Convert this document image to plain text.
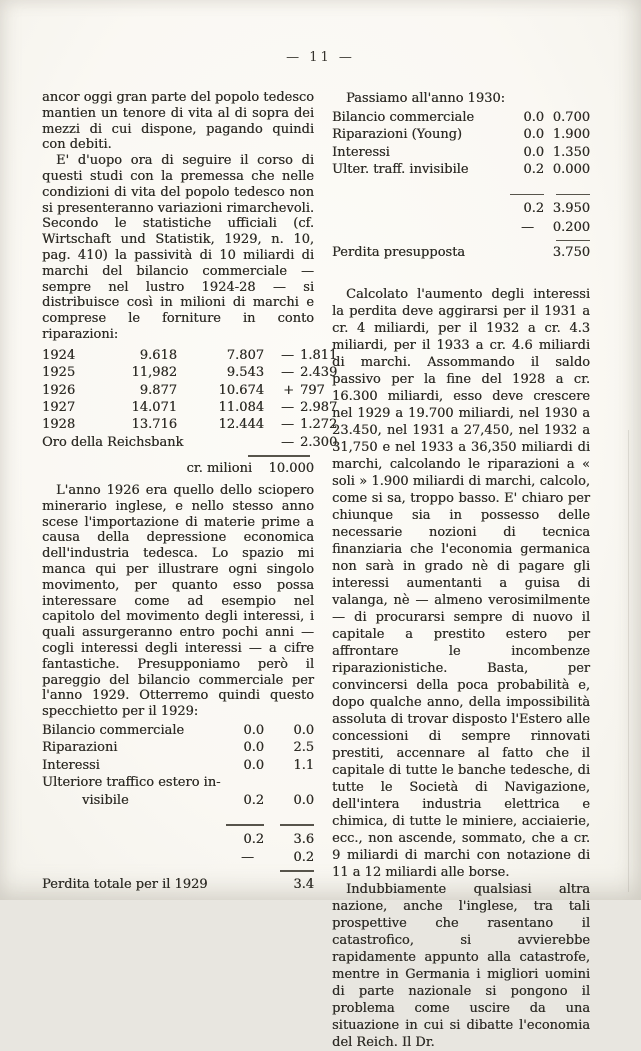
— 11 —

ancor oggi gran parte del popolo tedesco mantien un tenore di vita al di sopra dei mezzi di cui dispone, pagando quindi con debiti.

E' d'uopo ora di seguire il corso di questi studi con la premessa che nelle condizioni di vita del popolo tedesco non si presenteranno variazioni rimarchevoli. Secondo le statistiche ufficiali (cf. Wirtschaft und Statistik, 1929, n. 10, pag. 410) la passività di 10 miliardi di marchi del bilancio commerciale — sempre nel lustro 1924-28 — si distribuisce così in milioni di marchi e comprese le forniture in conto riparazioni:

1924	9.618	7.807	— 1.811
1925	11,982	9.543	— 2.439
1926	9.877	10.674	+ 797
1927	14.071	11.084	— 2.987
1928	13.716	12.444	— 1.272
Oro della Reichsbank	— 2.300
cr. milioni	10.000

L'anno 1926 era quello dello sciopero minerario inglese, e nello stesso anno scese l'importazione di materie prime a causa della depressione economica dell'industria tedesca. Lo spazio mi manca qui per illustrare ogni singolo movimento, per quanto esso possa interessare come ad esempio nel capitolo del movimento degli interessi, i quali assurgeranno entro pochi anni — cogli interessi degli interessi — a cifre fantastiche. Presupponiamo però il pareggio del bilancio commerciale per l'anno 1929. Otterremo quindi questo specchietto per il 1929:

Bilancio commerciale	0.0	0.0
Riparazioni	0.0	2.5
Interessi	0.0	1.1
Ulteriore traffico estero in-
visibile	0.2	0.0
0.2	3.6
—	0.2
Perdita totale per il 1929	3.4

Passiamo all'anno 1930:

Bilancio commerciale	0.0 0.700
Riparazioni (Young)	0.0 1.900
Interessi	0.0 1.350
Ulter. traff. invisibile	0.2 0.000
0.2 3.950
—	0.200
Perdita presupposta	3.750

Calcolato l'aumento degli interessi la perdita deve aggirarsi per il 1931 a cr. 4 miliardi, per il 1932 a cr. 4.3 miliardi, per il 1933 a cr. 4.6 miliardi di marchi. Assommando il saldo passivo per la fine del 1928 a cr. 16.300 miliardi, esso deve crescere nel 1929 a 19.700 miliardi, nel 1930 a 23.450, nel 1931 a 27,450, nel 1932 a 31,750 e nel 1933 a 36,350 miliardi di marchi, calcolando le riparazioni a « soli » 1.900 miliardi di marchi, calcolo, come si sa, troppo basso. E' chiaro per chiunque sia in possesso delle necessarie nozioni di tecnica finanziaria che l'economia germanica non sarà in grado nè di pagare gli interessi aumentanti a guisa di valanga, nè — almeno verosimilmente — di procurarsi sempre di nuovo il capitale a prestito estero per affrontare le incombenze riparazionistiche. Basta, per convincersi della poca probabilità e, dopo qualche anno, della impossibilità assoluta di trovar disposto l'Estero alle concessioni di sempre rinnovati prestiti, accennare al fatto che il capitale di tutte le banche tedesche, di tutte le Società di Navigazione, dell'intera industria elettrica e chimica, di tutte le miniere, acciaierie, ecc., non ascende, sommato, che a cr. 9 miliardi di marchi con notazione di 11 a 12 miliardi alle borse.

Indubbiamente qualsiasi altra nazione, anche l'inglese, tra tali prospettive che rasentano il catastrofico, si avvierebbe rapidamente appunto alla catastrofe, mentre in Germania i migliori uomini di parte nazionale si pongono il problema come uscire da una situazione in cui si dibatte l'economia del Reich. Il Dr.
